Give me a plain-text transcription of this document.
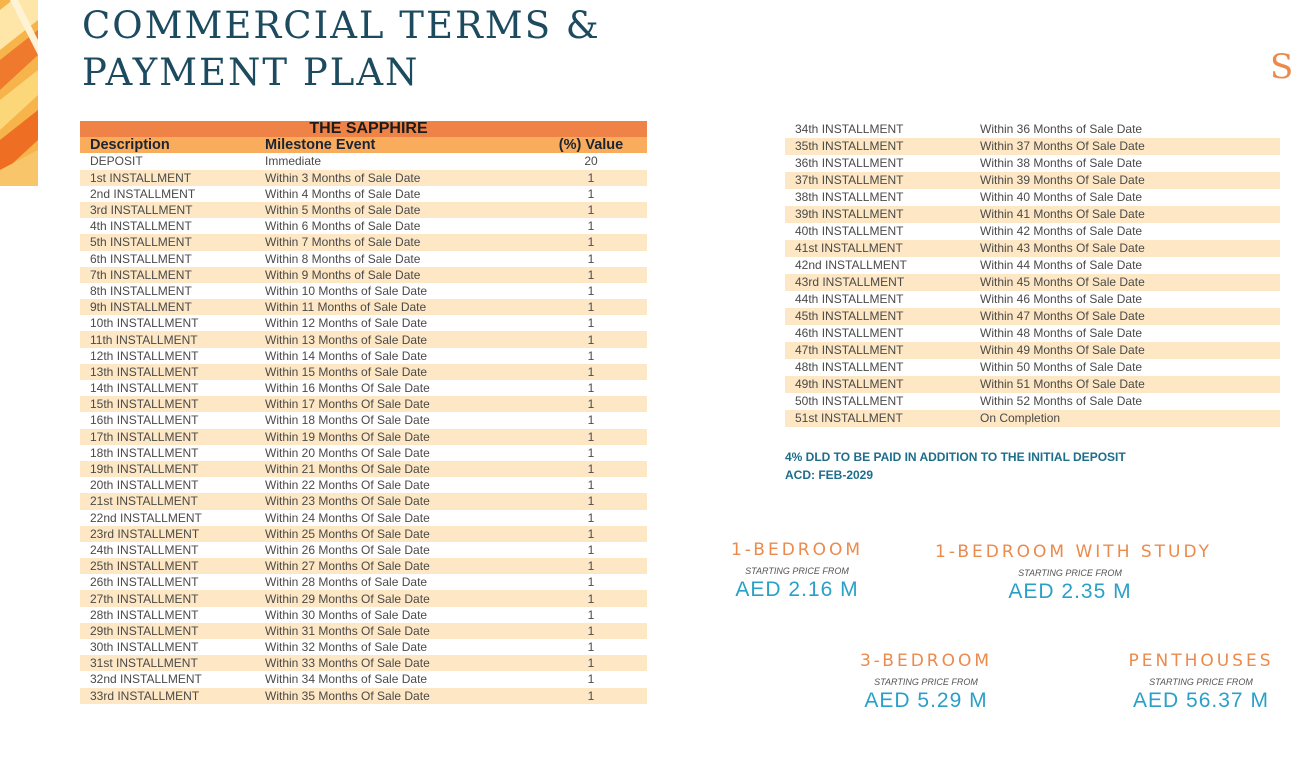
COMMERCIAL TERMS &
PAYMENT PLAN	S
THE SAPPHIRE		
Description	Milestone Event	(%) Value
DEPOSIT	Immediate	20
1st INSTALLMENT	Within 3 Months of Sale Date	1
2nd INSTALLMENT	Within 4 Months of Sale Date	1
3rd INSTALLMENT	Within 5 Months of Sale Date	1
4th INSTALLMENT	Within 6 Months of Sale Date	1
5th INSTALLMENT	Within 7 Months of Sale Date	1
6th INSTALLMENT	Within 8 Months of Sale Date	1
7th INSTALLMENT	Within 9 Months of Sale Date	1
8th INSTALLMENT	Within 10 Months of Sale Date	1
9th INSTALLMENT	Within 11 Months of Sale Date	1
10th INSTALLMENT	Within 12 Months of Sale Date	1
11th INSTALLMENT	Within 13 Months of Sale Date	1
12th INSTALLMENT	Within 14 Months of Sale Date	1
13th INSTALLMENT	Within 15 Months of Sale Date	1
14th INSTALLMENT	Within 16 Months Of Sale Date	1
15th INSTALLMENT	Within 17 Months Of Sale Date	1
16th INSTALLMENT	Within 18 Months Of Sale Date	1
17th INSTALLMENT	Within 19 Months Of Sale Date	1
18th INSTALLMENT	Within 20 Months Of Sale Date	1
19th INSTALLMENT	Within 21 Months Of Sale Date	1
20th INSTALLMENT	Within 22 Months Of Sale Date	1
21st INSTALLMENT	Within 23 Months Of Sale Date	1
22nd INSTALLMENT	Within 24 Months Of Sale Date	1
23rd INSTALLMENT	Within 25 Months Of Sale Date	1
24th INSTALLMENT	Within 26 Months Of Sale Date	1
25th INSTALLMENT	Within 27 Months Of Sale Date	1
26th INSTALLMENT	Within 28 Months of Sale Date	1
27th INSTALLMENT	Within 29 Months Of Sale Date	1
28th INSTALLMENT	Within 30 Months of Sale Date	1
29th INSTALLMENT	Within 31 Months Of Sale Date	1
30th INSTALLMENT	Within 32 Months of Sale Date	1
31st INSTALLMENT	Within 33 Months Of Sale Date	1
32nd INSTALLMENT	Within 34 Months of Sale Date	1
33rd INSTALLMENT	Within 35 Months Of Sale Date	1
34th INSTALLMENT	Within 36 Months of Sale Date
35th INSTALLMENT	Within 37 Months Of Sale Date
36th INSTALLMENT	Within 38 Months of Sale Date
37th INSTALLMENT	Within 39 Months Of Sale Date
38th INSTALLMENT	Within 40 Months of Sale Date
39th INSTALLMENT	Within 41 Months Of Sale Date
40th INSTALLMENT	Within 42 Months of Sale Date
41st INSTALLMENT	Within 43 Months Of Sale Date
42nd INSTALLMENT	Within 44 Months of Sale Date
43rd INSTALLMENT	Within 45 Months Of Sale Date
44th INSTALLMENT	Within 46 Months of Sale Date
45th INSTALLMENT	Within 47 Months Of Sale Date
46th INSTALLMENT	Within 48 Months of Sale Date
47th INSTALLMENT	Within 49 Months Of Sale Date
48th INSTALLMENT	Within 50 Months of Sale Date
49th INSTALLMENT	Within 51 Months Of Sale Date
50th INSTALLMENT	Within 52 Months of Sale Date
51st INSTALLMENT	On Completion
4% DLD TO BE PAID IN ADDITION TO THE INITIAL DEPOSIT
ACD: FEB-2029
1-BEDROOM
STARTING PRICE FROM
AED 2.16 M
1-BEDROOM WITH STUDY
STARTING PRICE FROM
AED 2.35 M
3-BEDROOM
STARTING PRICE FROM
AED 5.29 M
PENTHOUSES
STARTING PRICE FROM
AED 56.37 M
